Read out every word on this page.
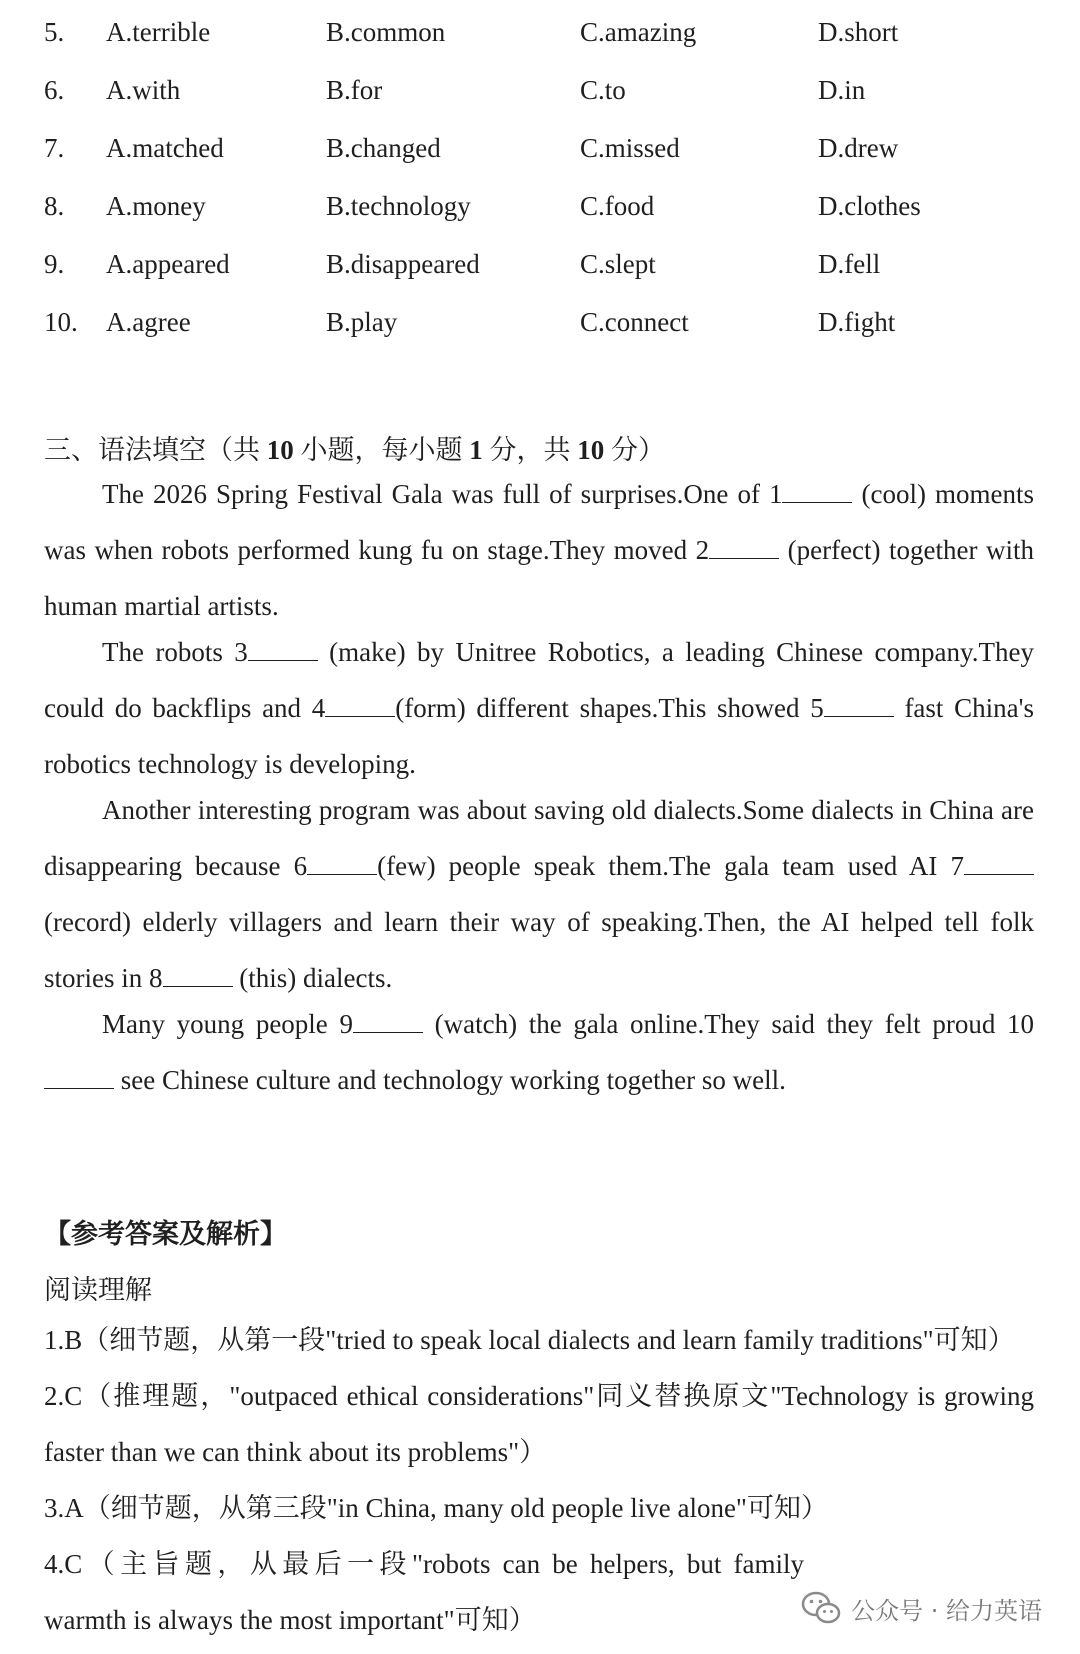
5. A.terrible	B.common	C.amazing	D.short
6. A.with	B.for	C.to	D.in
7. A.matched	B.changed	C.missed	D.drew
8. A.money	B.technology	C.food	D.clothes
9. A.appeared	B.disappeared	C.slept	D.fell
10. A.agree	B.play	C.connect	D.fight
三、语法填空（共 10 小题，每小题 1 分，共 10 分）
The 2026 Spring Festival Gala was full of surprises.One of 1	(cool) moments was when robots performed kung fu on stage.They moved 2	(perfect) together with human martial artists.
The robots 3	(make) by Unitree Robotics, a leading Chinese company.They could do backflips and 4	(form) different shapes.This showed 5	fast China's robotics technology is developing.
Another interesting program was about saving old dialects.Some dialects in China are disappearing because 6	(few) people speak them.The gala team used AI 7(record) elderly villagers and learn their way of speaking.Then, the AI helped tell folk stories in 8	(this) dialects.
Many young people 9	(watch) the gala online.They said they felt proud 10 see Chinese culture and technology working together so well.
【参考答案及解析】
阅读理解
1.B（细节题，从第一段"tried to speak local dialects and learn family traditions"可知）
2.C（推理题，"outpaced ethical considerations"同义替换原文"Technology is growing faster than we can think about its problems"）
3.A（细节题，从第三段"in China, many old people live alone"可知）
4.C（主旨题，从最后一段"robots can be helpers, but family warmth is always the most important"可知）	公众号 · 给力英语
